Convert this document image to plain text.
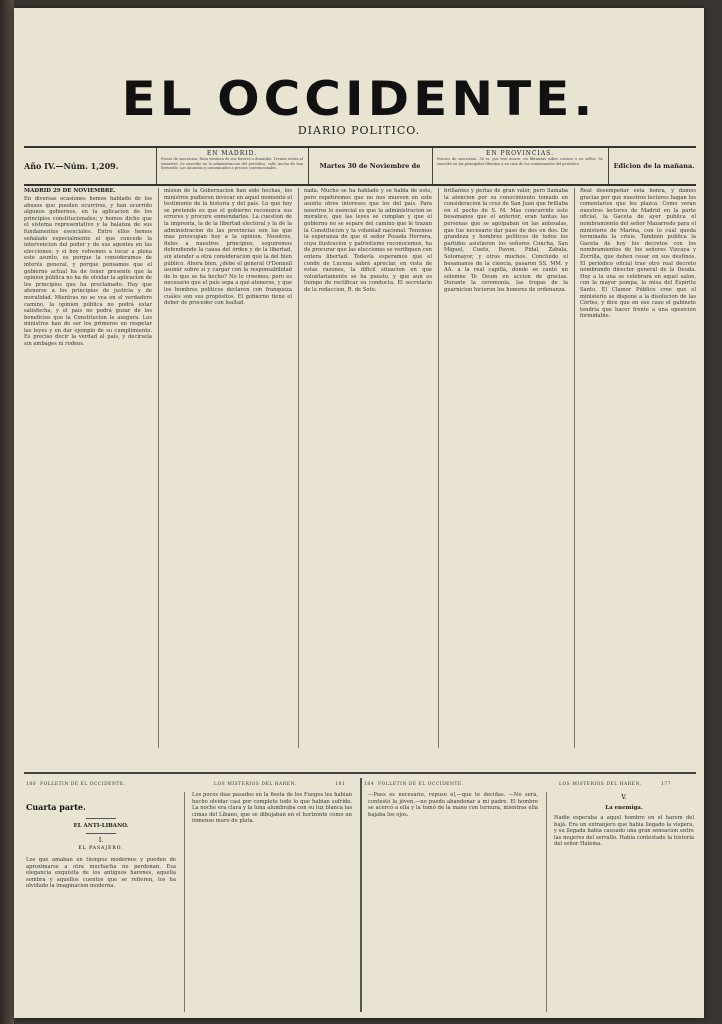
EL OCCIDENTE.
DIARIO POLITICO.
Año IV.—Núm. 1,209.
EN MADRID.
Precio de suscricion. Rosa ventisca de sus favores a domicilio. Treinta reales al trimestre. Se suscribe en la administracion del periódico, calle Ancha de San Bernardo. Los anuncios y comunicados a precios convencionales.	Martes 30 de Noviembre de
EN PROVINCIAS.
Precios de suscricion. 36 rs. por tres meses, en libranzas sobre correos o en sellos. Se suscribe en las principales librerías y en casa de los comisionados del periódico.	Edicion de la mañana.
MADRID 29 DE NOVIEMBRE.
En diversas ocasiones hemos hablado de los abusos que pueden ocurrirse, y han ocurrido algunos gobiernos, en la aplicacion de los principios constitucionales; y hemos dicho que el sistema representativo y la balanza de sus fundamentos esenciales. Entre ellos hemos señalado especialmente el que concede la intervencion del poder y de sus agentes en las elecciones; y si hoy volvemos a tocar a plena este asunto, es porque la consideramos de interés general, y porque pensamos que el gobierno actual ha de tener presente que la opinion pública no ha de olvidar la aplicacion de los principios que ha proclamado. Hay que atenerse a los principios de justicia y de moralidad. Mientras no se vea en el verdadero camino, la opinion pública no podrá estar satisfecha, y el país no podrá gozar de los beneficios que la Constitucion le asegura. Los ministros han de ser los primeros en respetar las leyes y en dar ejemplo de su cumplimiento. Es preciso decir la verdad al país, y decírsela sin ambages ni rodeos.
mision de la Gobernacion han sido hechas, los ministros pudieron invocar en aquel momento el testimonio de la historia y del país. Lo que hoy se pretende es que el gobierno reconozca sus errores y procure enmendarlos. La cuestion de la imprenta, la de la libertad electoral y la de la administracion de las provincias son las que mas preocupan hoy a la opinion. Nosotros, fieles a nuestros principios, seguiremos defendiendo la causa del órden y de la libertad, sin atender a otra consideracion que la del bien público. Ahora bien, ¿debe el general O'Donnell asumir sobre sí y cargar con la responsabilidad de lo que se ha hecho? No lo creemos; pero es necesario que el país sepa a qué atenerse, y que los hombres políticos declaren con franqueza cuáles son sus propósitos. El gobierno tiene el deber de proceder con lealtad.
nada. Mucho se ha hablado y se habla de esto, pero repetiremos que no nos mueven en este asunto otros intereses que los del país. Para nosotros lo esencial es que la administracion se moralice, que las leyes se cumplan y que el gobierno no se separe del camino que le trazan la Constitucion y la voluntad nacional. Tenemos la esperanza de que el señor Posada Herrera, cuya ilustracion y patriotismo reconocemos, ha de procurar que las elecciones se verifiquen con entera libertad. Todavía esperamos que el conde de Lucena sabrá apreciar, en vista de estas razones, la dificil situacion en que voluntariamente se ha puesto, y que aun es tiempo de rectificar su conducta. El secretario de la redaccion, R. de Soto.
brillantes y perlas de gran valor, pero llamaba la atencion por su conocimiento tomado en consideracion la cruz de San Juan que brillaba en el pecho de S. M. Mas concurrido este besamanos que el anterior, eran tantas las personas que se agolpaban en las antesalas, que fue necesario dar paso de dos en dos. De grandeza y hombres politicos de todos los partidos asistieron los señores Concha, San Miguel, Cueto, Pavon, Pidal, Zabala, Sotomayor, y otros muchos. Concluido el besamanos de la ciencia, pasaron SS. MM. y AA. a la real capilla, donde se cantó un solemne Te Deum en accion de gracias. Durante la ceremonia, las tropas de la guarnicion hicieron los honores de ordenanza.
Real desempeñar esta honra, y damos gracias por que nuestros lectores hagan los comentarios que les plazca. Como verán nuestros lectores de Madrid en la parte oficial, la Gaceta de ayer publica el nombramiento del señor Mazarredo para el ministerio de Marina, con lo cual queda terminada la crisis. También publica la Gaceta de hoy los decretos con los nombramientos de los señores Vizcaya y Zorrilla, que deben cesar en sus destinos. El periódico oficial trae otro real decreto nombrando director general de la Deuda. Hoy a la una se celebrará en aquel salon, con la mayor pompa, la misa del Espíritu Santo. El Clamor Público cree que el ministerio se dispone a la disolucion de las Córtes, y dice que en ese caso el gabinete tendría que hacer frente a una oposicion formidable.
180 FOLLETIN DE EL OCCIDENTE.	LOS MISTERIOS DEL HAREN.	181	184 FOLLETIN DE EL OCCIDENTE.	LOS MISTERIOS DEL HAREN.	177
Cuarta parte.
EL ANTI-LIBANO.
I.
EL PASAJERO.
Los que amaban en tiempos modernos y pueden de aproximarse a otra muchacha no perdonan. Esa elegancia exquisita de los antiguos harenes, aquella sombra y aquellos cuentos que se refieren, los ha olvidado la imaginacion moderna.
Los pocos días pasados en la fiesta de los Fuegos les habian hecho olvidar casi por completo todo lo que habian sufrido. La noche era clara y la luna alumbraba con su luz blanca las cimas del Líbano, que se dibujaban en el horizonte como un inmenso muro de plata.
—Pues es necesario, repuso él,—que te decidas. —No será, contestó la jóven,—no puedo abandonar a mi padre. El hombre se acercó a ella y la tomó de la mano con ternura, mientras ella bajaba los ojos.
V.
La enemiga.
Nadie esperaba a aquel hombre en el harem del bajá. Era un extranjero que habia llegado la víspera, y su llegada habia causado una gran sensacion entre las mujeres del serrallo. Habia contestado la historia del señor Halema.
